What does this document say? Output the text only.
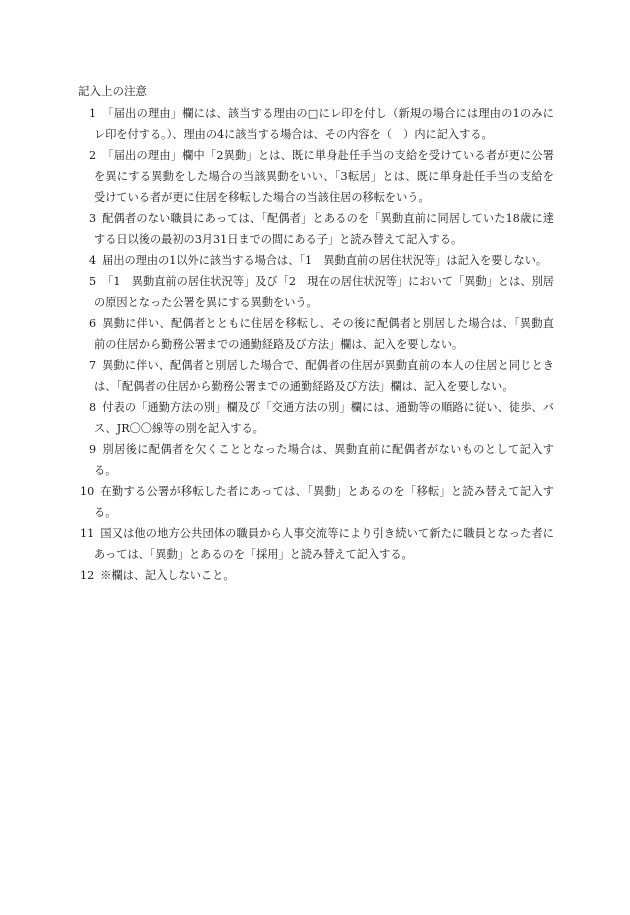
記入上の注意
1 「届出の理由」欄には、該当する理由の□にレ印を付し（新規の場合には理由の1のみにレ印を付する。）、理由の4に該当する場合は、その内容を（　）内に記入する。
2 「届出の理由」欄中「2異動」とは、既に単身赴任手当の支給を受けている者が更に公署を異にする異動をした場合の当該異動をいい、「3転居」とは、既に単身赴任手当の支給を受けている者が更に住居を移転した場合の当該住居の移転をいう。
3 配偶者のない職員にあっては、「配偶者」とあるのを「異動直前に同居していた18歳に達する日以後の最初の3月31日までの間にある子」と読み替えて記入する。
4 届出の理由の1以外に該当する場合は、「1　異動直前の居住状況等」は記入を要しない。
5 「1　異動直前の居住状況等」及び「2　現在の居住状況等」において「異動」とは、別居の原因となった公署を異にする異動をいう。
6 異動に伴い、配偶者とともに住居を移転し、その後に配偶者と別居した場合は、「異動直前の住居から勤務公署までの通勤経路及び方法」欄は、記入を要しない。
7 異動に伴い、配偶者と別居した場合で、配偶者の住居が異動直前の本人の住居と同じときは、「配偶者の住居から勤務公署までの通勤経路及び方法」欄は、記入を要しない。
8 付表の「通勤方法の別」欄及び「交通方法の別」欄には、通勤等の順路に従い、徒歩、バス、JR〇〇線等の別を記入する。
9 別居後に配偶者を欠くこととなった場合は、異動直前に配偶者がないものとして記入する。
10 在勤する公署が移転した者にあっては、「異動」とあるのを「移転」と読み替えて記入する。
11 国又は他の地方公共団体の職員から人事交流等により引き続いて新たに職員となった者にあっては、「異動」とあるのを「採用」と読み替えて記入する。
12 ※欄は、記入しないこと。
